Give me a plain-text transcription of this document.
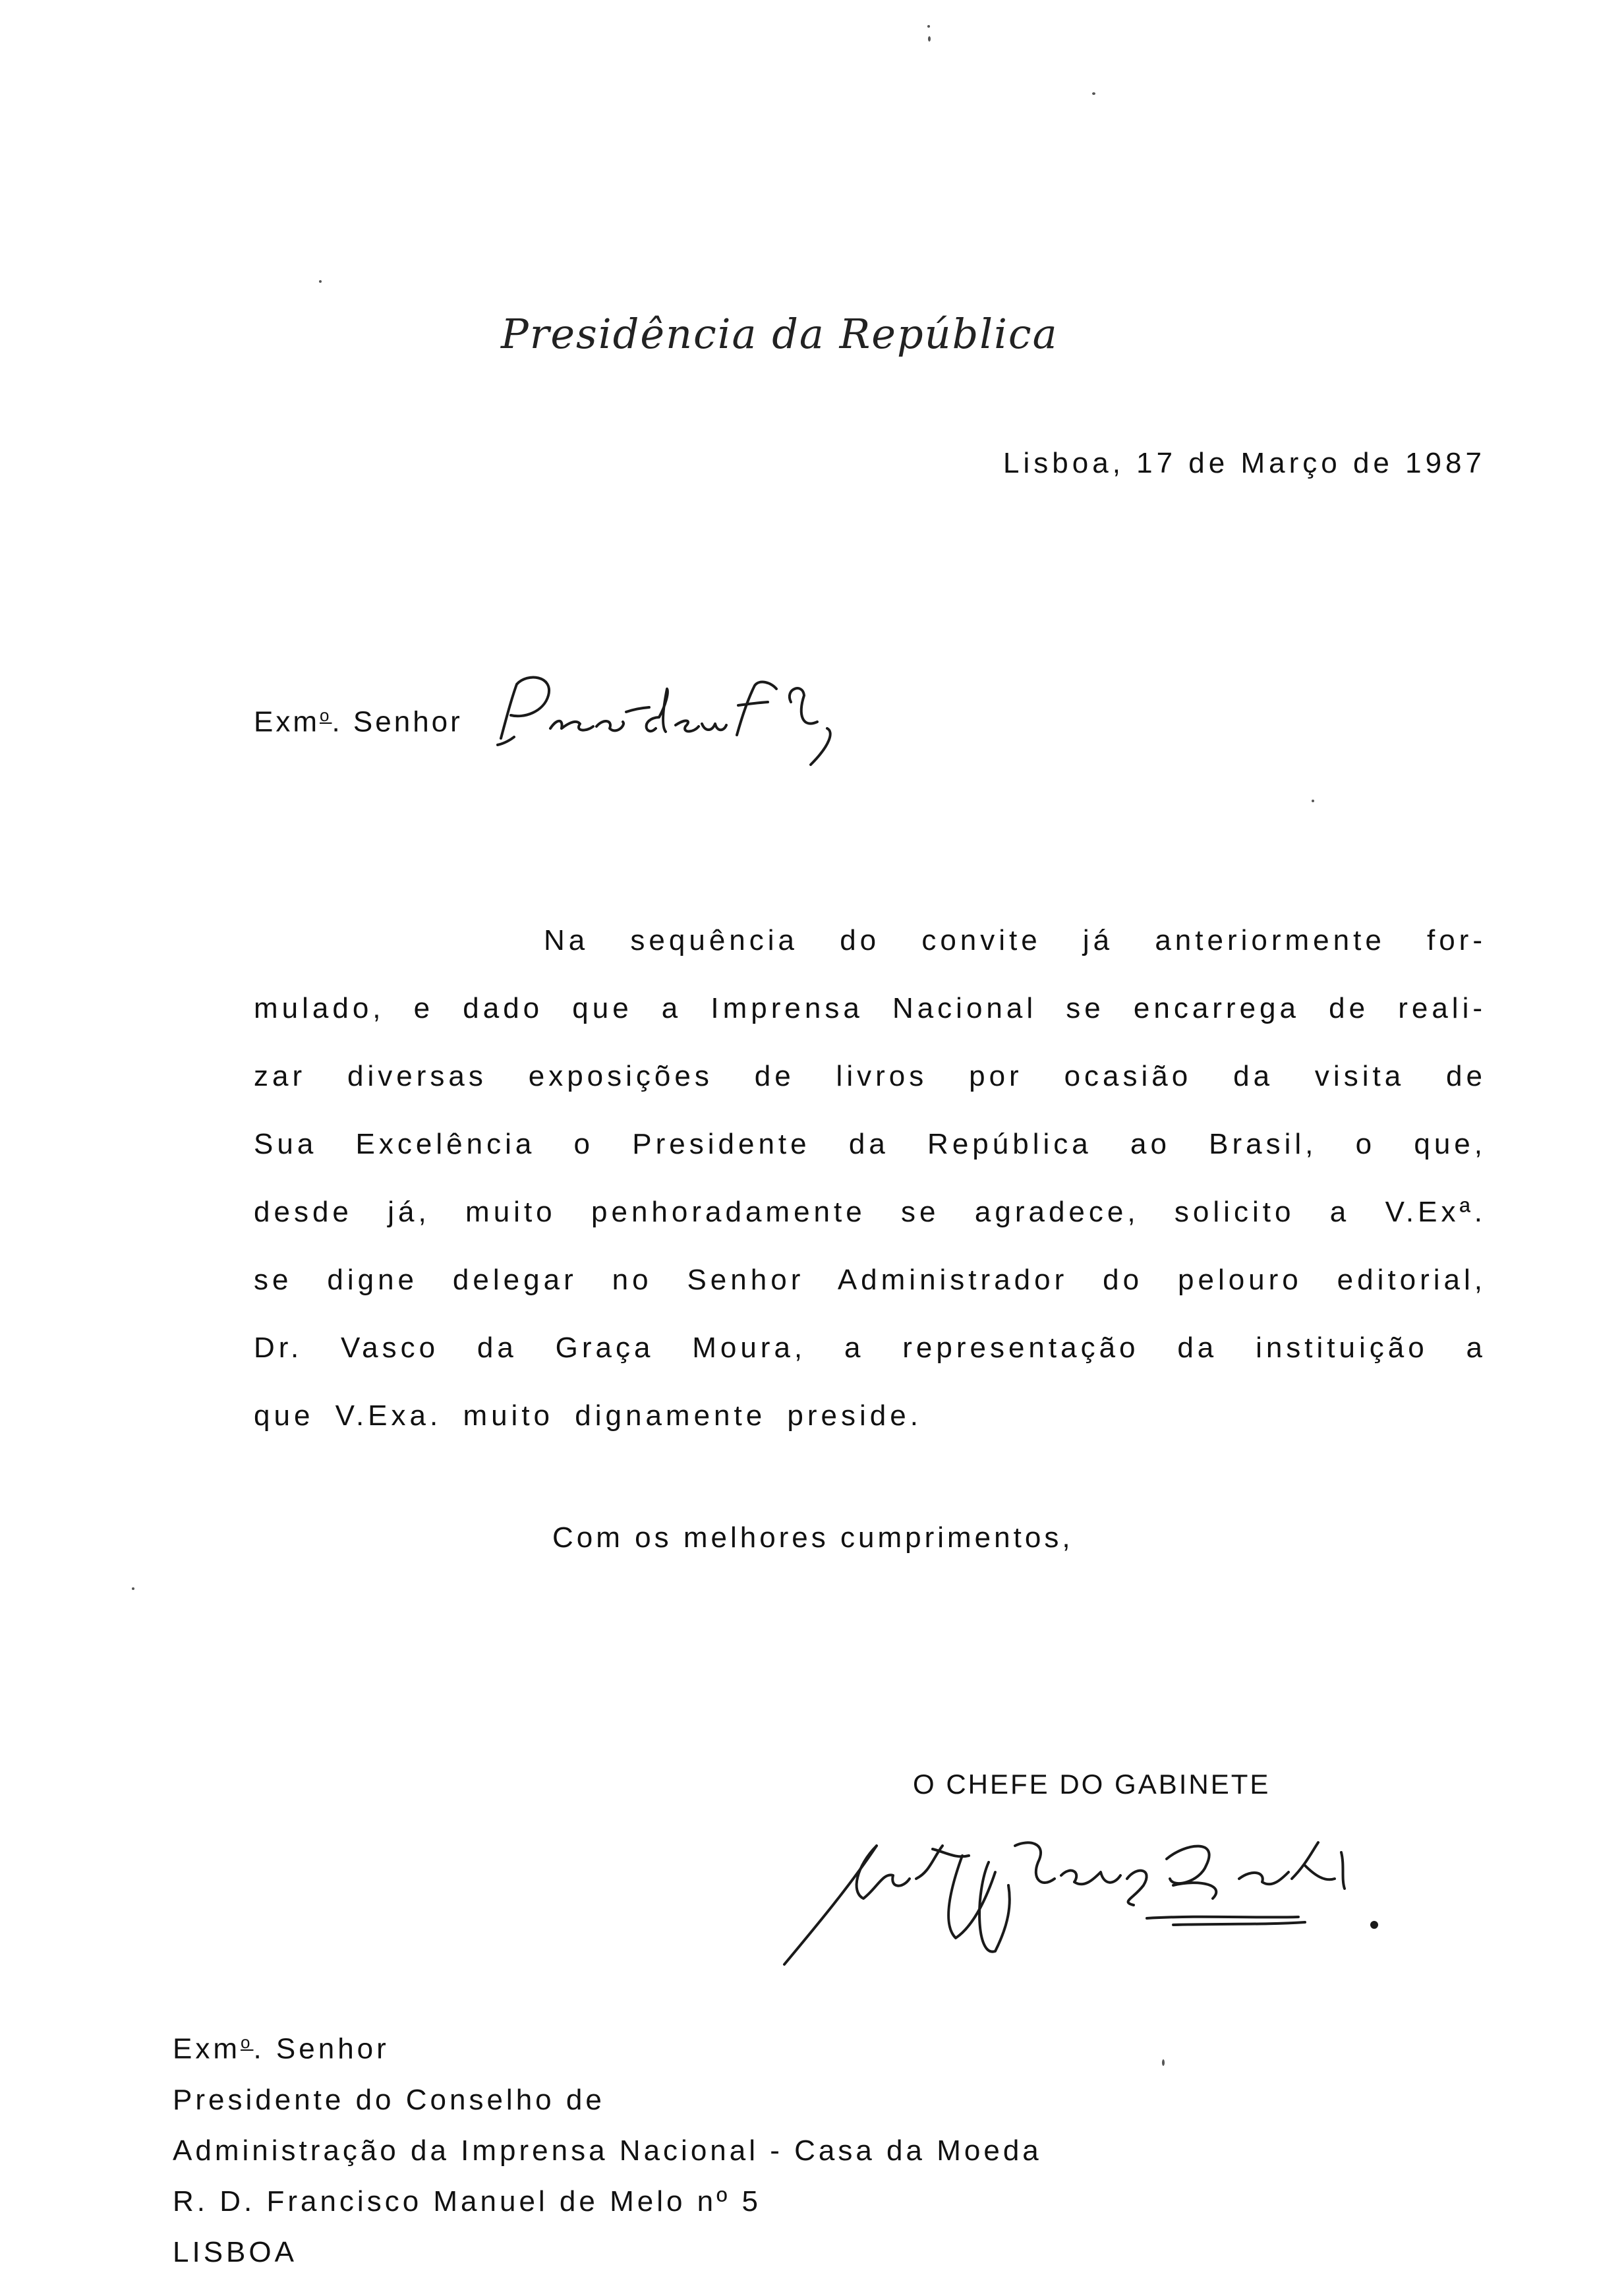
Presidência da República
Lisboa, 17 de Março de 1987
Exm$^o$. Senhor
Na sequência do convite já anteriormente for-
mulado, e dado que a Imprensa Nacional se encarrega de reali-
zar diversas exposições de livros por ocasião da visita de
Sua Excelência o Presidente da República ao Brasil, o que,
desde já, muito penhoradamente se agradece, solicito a V.Exª.
se digne delegar no Senhor Administrador do pelouro editorial,
Dr. Vasco da Graça Moura, a representação da instituição a
que V.Exa. muito dignamente preside.
Com os melhores cumprimentos,
O CHEFE DO GABINETE
Exm$^o$. Senhor
Presidente do Conselho de
Administração da Imprensa Nacional - Casa da Moeda
R. D. Francisco Manuel de Melo nº 5
LISBOA
